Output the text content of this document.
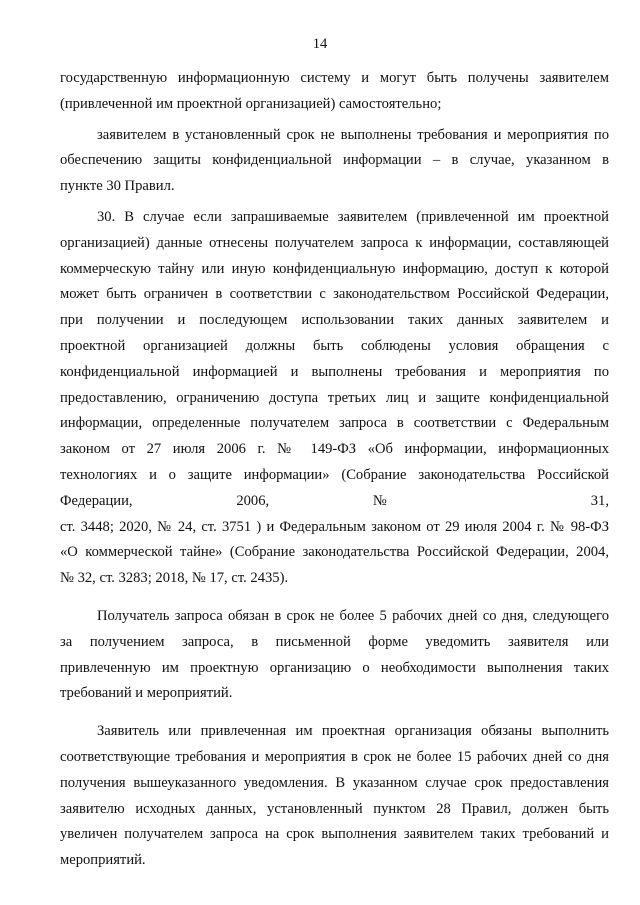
14

государственную информационную систему и могут быть получены заявителем
(привлеченной им проектной организацией) самостоятельно;

заявителем в установленный срок не выполнены требования и мероприятия по
обеспечению защиты конфиденциальной информации – в случае, указанном в
пункте 30 Правил.

30. В случае если запрашиваемые заявителем (привлеченной им проектной
организацией) данные отнесены получателем запроса к информации, составляющей
коммерческую тайну или иную конфиденциальную информацию, доступ к которой
может быть ограничен в соответствии с законодательством Российской Федерации,
при получении и последующем использовании таких данных заявителем и
проектной организацией должны быть соблюдены условия обращения с
конфиденциальной информацией и выполнены требования и мероприятия по
предоставлению, ограничению доступа третьих лиц и защите конфиденциальной
информации, определенные получателем запроса в соответствии с Федеральным
законом от 27 июля 2006 г. № 149-ФЗ «Об информации, информационных
технологиях и о защите информации» (Собрание законодательства Российской
Федерации, 2006, № 31,
ст. 3448; 2020, № 24, ст. 3751 ) и Федеральным законом от 29 июля 2004 г. № 98-ФЗ
«О коммерческой тайне» (Собрание законодательства Российской Федерации, 2004,
№ 32, ст. 3283; 2018, № 17, ст. 2435).

Получатель запроса обязан в срок не более 5 рабочих дней со дня, следующего
за получением запроса, в письменной форме уведомить заявителя или
привлеченную им проектную организацию о необходимости выполнения таких
требований и мероприятий.

Заявитель или привлеченная им проектная организация обязаны выполнить
соответствующие требования и мероприятия в срок не более 15 рабочих дней со дня
получения вышеуказанного уведомления. В указанном случае срок предоставления
заявителю исходных данных, установленный пунктом 28 Правил, должен быть
увеличен получателем запроса на срок выполнения заявителем таких требований и
мероприятий.
